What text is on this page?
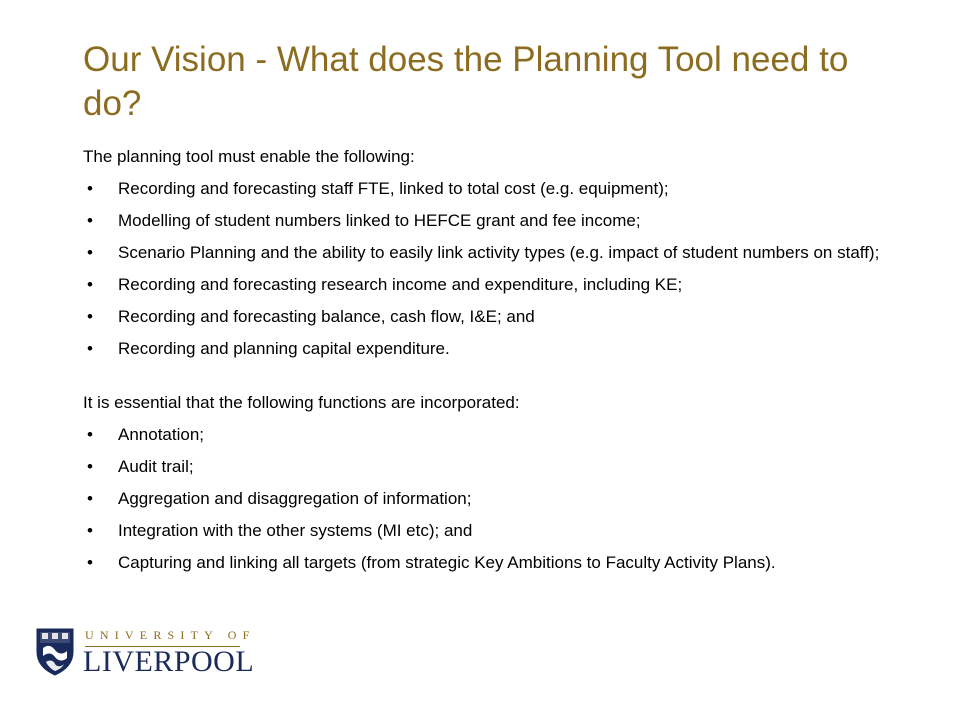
Our Vision - What does the Planning Tool need to do?

The planning tool must enable the following:

• Recording and forecasting staff FTE, linked to total cost (e.g. equipment);
• Modelling of student numbers linked to HEFCE grant and fee income;
• Scenario Planning and the ability to easily link activity types (e.g. impact of student numbers on staff);
• Recording and forecasting research income and expenditure, including KE;
• Recording and forecasting balance, cash flow, I&E; and
• Recording and planning capital expenditure.

It is essential that the following functions are incorporated:

• Annotation;
• Audit trail;
• Aggregation and disaggregation of information;
• Integration with the other systems (MI etc); and
• Capturing and linking all targets (from strategic Key Ambitions to Faculty Activity Plans).
UNIVERSITY OF
LIVERPOOL
